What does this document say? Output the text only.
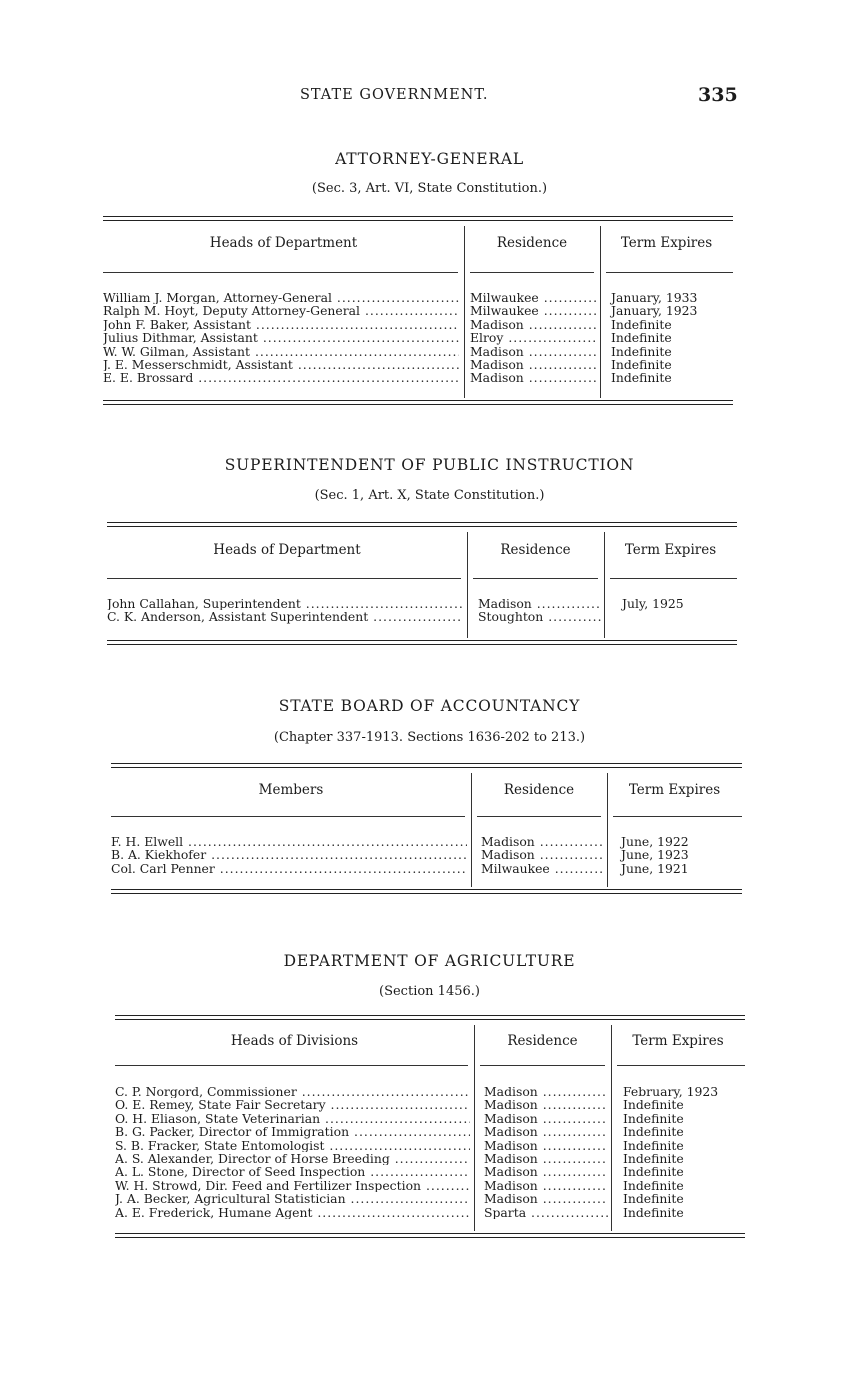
STATE GOVERNMENT.	335
ATTORNEY-GENERAL
(Sec. 3, Art. VI, State Constitution.)
Heads of Department	Residence	Term Expires
William J. Morgan, Attorney-General .....	Milwaukee .....	January, 1933
Ralph M. Hoyt, Deputy Attorney-General .....	Milwaukee .....	January, 1923
John F. Baker, Assistant .....	Madison .....	Indefinite
Julius Dithmar, Assistant .....	Elroy .....	Indefinite
W. W. Gilman, Assistant .....	Madison .....	Indefinite
J. E. Messerschmidt, Assistant .....	Madison .....	Indefinite
E. E. Brossard .....	Madison .....	Indefinite
SUPERINTENDENT OF PUBLIC INSTRUCTION
(Sec. 1, Art. X, State Constitution.)
Heads of Department	Residence	Term Expires
John Callahan, Superintendent .....	Madison .....	July, 1925
C. K. Anderson, Assistant Superintendent .....	Stoughton .....
STATE BOARD OF ACCOUNTANCY
(Chapter 337-1913. Sections 1636-202 to 213.)
Members	Residence	Term Expires
F. H. Elwell .....	Madison .....	June, 1922
B. A. Kiekhofer .....	Madison .....	June, 1923
Col. Carl Penner .....	Milwaukee .....	June, 1921
DEPARTMENT OF AGRICULTURE
(Section 1456.)
Heads of Divisions	Residence	Term Expires
C. P. Norgord, Commissioner .....	Madison .....	February, 1923
O. E. Remey, State Fair Secretary .....	Madison .....	Indefinite
O. H. Eliason, State Veterinarian .....	Madison .....	Indefinite
B. G. Packer, Director of Immigration .....	Madison .....	Indefinite
S. B. Fracker, State Entomologist .....	Madison .....	Indefinite
A. S. Alexander, Director of Horse Breeding .....	Madison .....	Indefinite
A. L. Stone, Director of Seed Inspection .....	Madison .....	Indefinite
W. H. Strowd, Dir. Feed and Fertilizer Inspection .....	Madison .....	Indefinite
J. A. Becker, Agricultural Statistician .....	Madison .....	Indefinite
A. E. Frederick, Humane Agent .....	Sparta .....	Indefinite
